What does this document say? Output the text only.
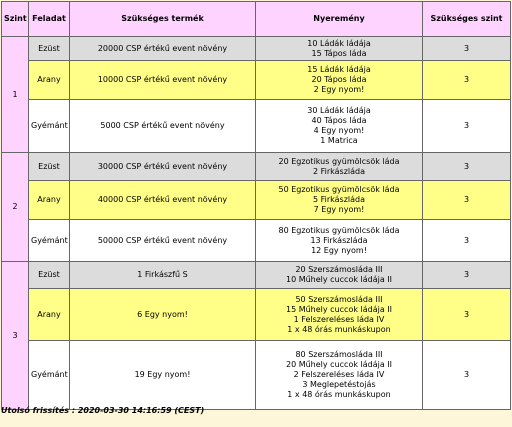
Szint	Feladat	Szükséges termék	Nyeremény	Szükséges szint
1	Ezüst	20000 CSP értékű event növény	10 Ládák ládája
15 Tápos láda	3
	Arany	10000 CSP értékű event növény	15 Ládák ládája
20 Tápos láda
2 Egy nyom!	3
	Gyémánt	5000 CSP értékű event növény	30 Ládák ládája
40 Tápos láda
4 Egy nyom!
1 Matrica	3
2	Ezüst	30000 CSP értékű event növény	20 Egzotikus gyümölcsök láda
2 Firkászláda	3
	Arany	40000 CSP értékű event növény	50 Egzotikus gyümölcsök láda
5 Firkászláda
7 Egy nyom!	3
	Gyémánt	50000 CSP értékű event növény	80 Egzotikus gyümölcsök láda
13 Firkászláda
12 Egy nyom!	3
3	Ezüst	1 Firkászfű S	20 Szerszámosláda III
10 Műhely cuccok ládája II	3
	Arany	6 Egy nyom!	50 Szerszámosláda III
15 Műhely cuccok ládája II
1 Felszereléses láda IV
1 x 48 órás munkáskupon	3
	Gyémánt	19 Egy nyom!	80 Szerszámosláda III
20 Műhely cuccok ládája II
2 Felszereléses láda IV
3 Meglepetéstojás
1 x 48 órás munkáskupon	3
Utolsó frissítés : 2020-03-30 14:16:59 (CEST)
